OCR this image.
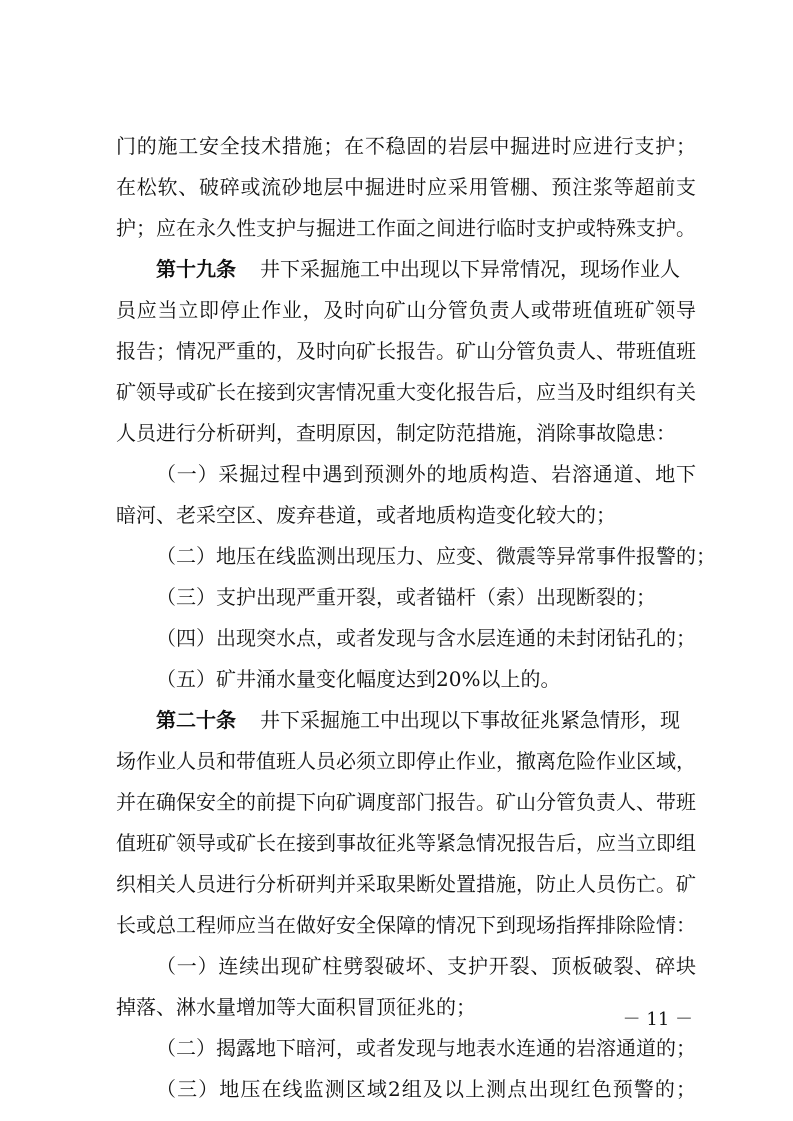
门的施工安全技术措施；在不稳固的岩层中掘进时应进行支护；
在松软、破碎或流砂地层中掘进时应采用管棚、预注浆等超前支
护；应在永久性支护与掘进工作面之间进行临时支护或特殊支护。
第十九条 井下采掘施工中出现以下异常情况，现场作业人
员应当立即停止作业，及时向矿山分管负责人或带班值班矿领导
报告；情况严重的，及时向矿长报告。矿山分管负责人、带班值班
矿领导或矿长在接到灾害情况重大变化报告后，应当及时组织有关
人员进行分析研判，查明原因，制定防范措施，消除事故隐患：
（一）采掘过程中遇到预测外的地质构造、岩溶通道、地下
暗河、老采空区、废弃巷道，或者地质构造变化较大的；
（二）地压在线监测出现压力、应变、微震等异常事件报警的；
（三）支护出现严重开裂，或者锚杆（索）出现断裂的；
（四）出现突水点，或者发现与含水层连通的未封闭钻孔的；
（五）矿井涌水量变化幅度达到20%以上的。
第二十条 井下采掘施工中出现以下事故征兆紧急情形，现
场作业人员和带值班人员必须立即停止作业，撤离危险作业区域，
并在确保安全的前提下向矿调度部门报告。矿山分管负责人、带班
值班矿领导或矿长在接到事故征兆等紧急情况报告后，应当立即组
织相关人员进行分析研判并采取果断处置措施，防止人员伤亡。矿
长或总工程师应当在做好安全保障的情况下到现场指挥排除险情：
（一）连续出现矿柱劈裂破坏、支护开裂、顶板破裂、碎块
掉落、淋水量增加等大面积冒顶征兆的；
（二）揭露地下暗河，或者发现与地表水连通的岩溶通道的；
（三）地压在线监测区域2组及以上测点出现红色预警的；
－ 11 －
